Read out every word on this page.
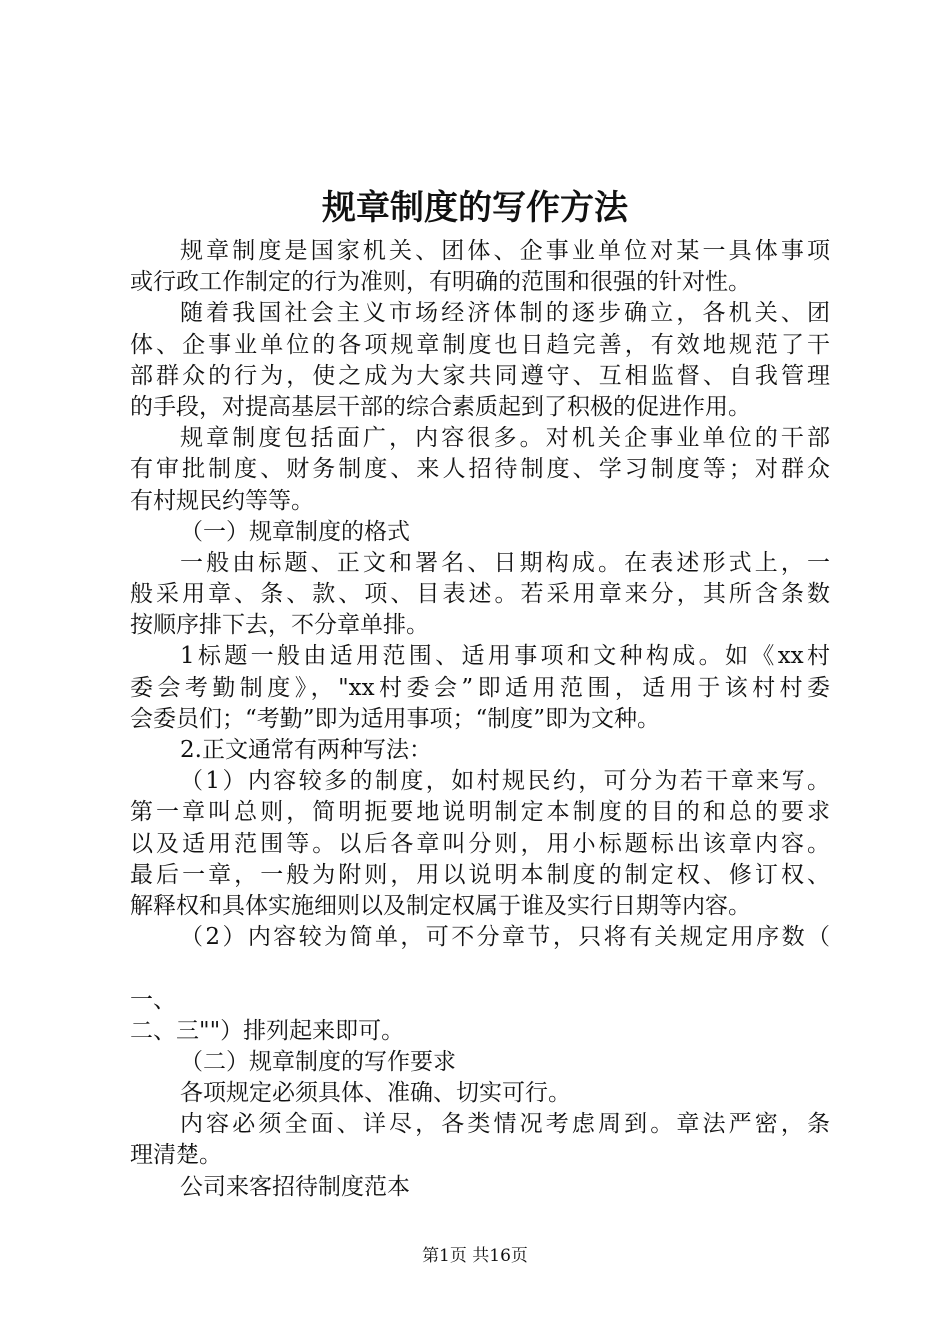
规章制度的写作方法
规章制度是国家机关、团体、企事业单位对某一具体事项
或行政工作制定的行为准则，有明确的范围和很强的针对性。
随着我国社会主义市场经济体制的逐步确立，各机关、团
体、企事业单位的各项规章制度也日趋完善，有效地规范了干
部群众的行为，使之成为大家共同遵守、互相监督、自我管理
的手段，对提高基层干部的综合素质起到了积极的促进作用。
规章制度包括面广，内容很多。对机关企事业单位的干部
有审批制度、财务制度、来人招待制度、学习制度等；对群众
有村规民约等等。
（一）规章制度的格式
一般由标题、正文和署名、日期构成。在表述形式上，一
般采用章、条、款、项、目表述。若采用章来分，其所含条数
按顺序排下去，不分章单排。
1标题一般由适用范围、适用事项和文种构成。如《xx村
委会考勤制度》，"xx村委会”即适用范围，适用于该村村委
会委员们；“考勤”即为适用事项；“制度”即为文种。
2.正文通常有两种写法：
（1）内容较多的制度，如村规民约，可分为若干章来写。
第一章叫总则，简明扼要地说明制定本制度的目的和总的要求
以及适用范围等。以后各章叫分则，用小标题标出该章内容。
最后一章，一般为附则，用以说明本制度的制定权、修订权、
解释权和具体实施细则以及制定权属于谁及实行日期等内容。
（2）内容较为简单，可不分章节，只将有关规定用序数（
一、
二、三""）排列起来即可。
（二）规章制度的写作要求
各项规定必须具体、准确、切实可行。
内容必须全面、详尽，各类情况考虑周到。章法严密，条
理清楚。
公司来客招待制度范本
第1页 共16页
